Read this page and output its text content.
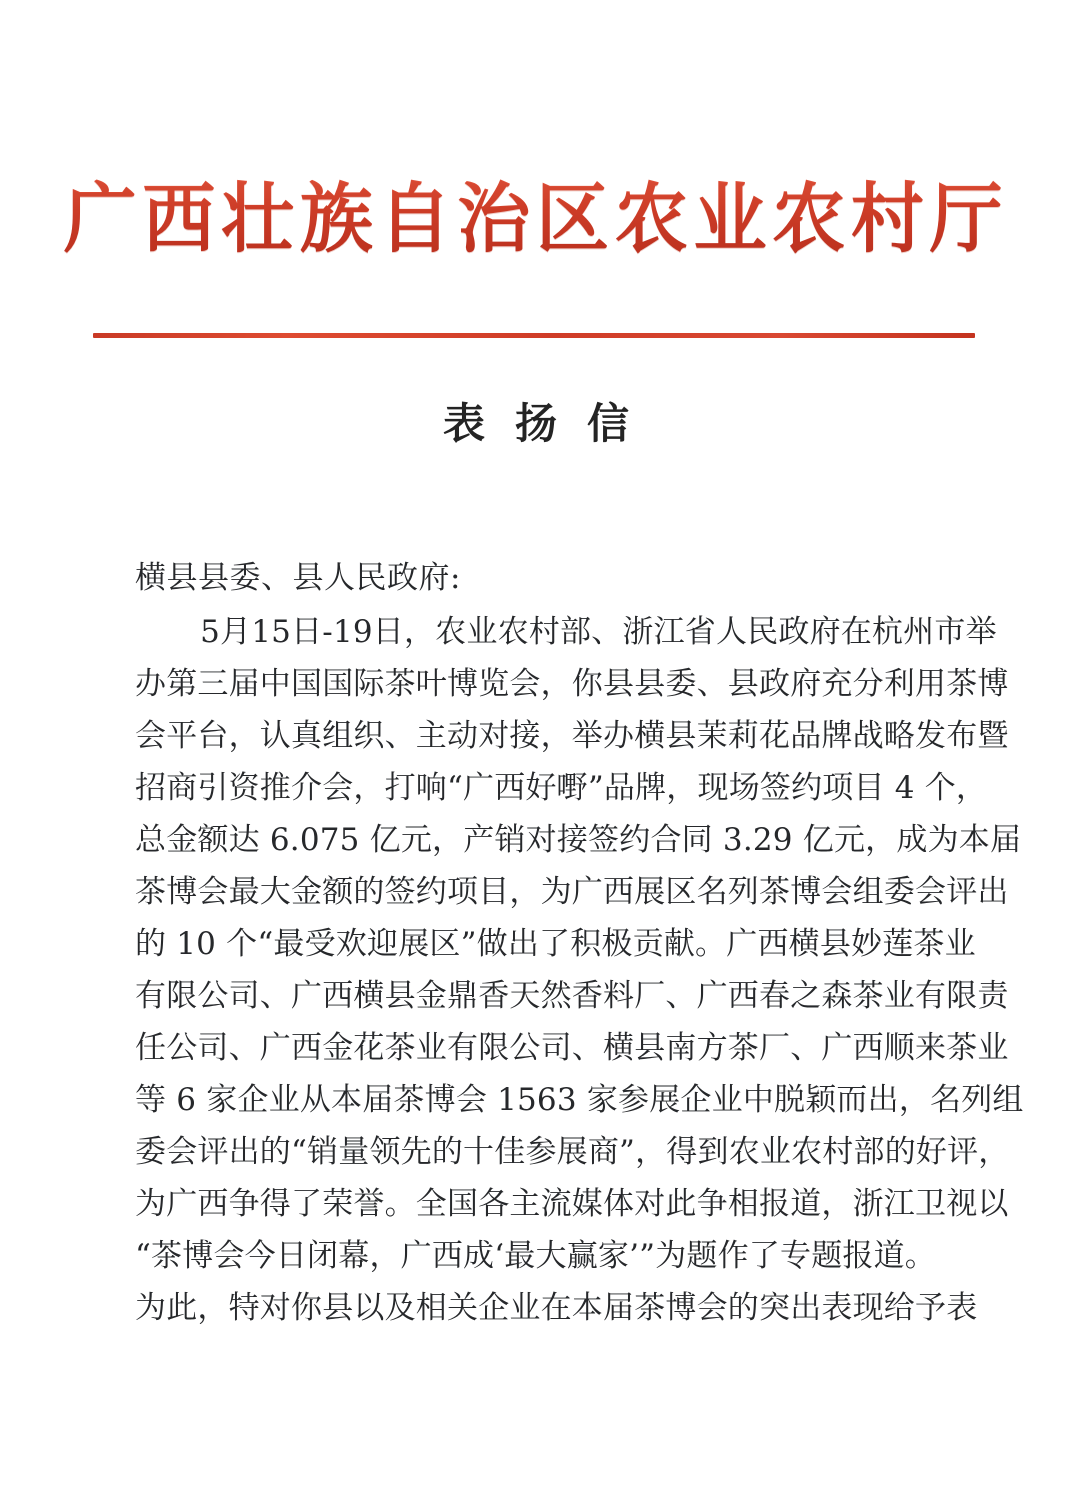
广西壮族自治区农业农村厅
表扬信

横县县委、县人民政府:

5月15日-19日，农业农村部、浙江省人民政府在杭州市举
办第三届中国国际茶叶博览会，你县县委、县政府充分利用茶博
会平台，认真组织、主动对接，举办横县茉莉花品牌战略发布暨
招商引资推介会，打响“广西好嘢”品牌，现场签约项目 4 个，
总金额达 6.075 亿元，产销对接签约合同 3.29 亿元，成为本届
茶博会最大金额的签约项目，为广西展区名列茶博会组委会评出
的 10 个“最受欢迎展区”做出了积极贡献。广西横县妙莲茶业
有限公司、广西横县金鼎香天然香料厂、广西春之森茶业有限责
任公司、广西金花茶业有限公司、横县南方茶厂、广西顺来茶业
等 6 家企业从本届茶博会 1563 家参展企业中脱颖而出，名列组
委会评出的“销量领先的十佳参展商”，得到农业农村部的好评，
为广西争得了荣誉。全国各主流媒体对此争相报道，浙江卫视以
“茶博会今日闭幕，广西成‘最大赢家’”为题作了专题报道。
为此，特对你县以及相关企业在本届茶博会的突出表现给予表
